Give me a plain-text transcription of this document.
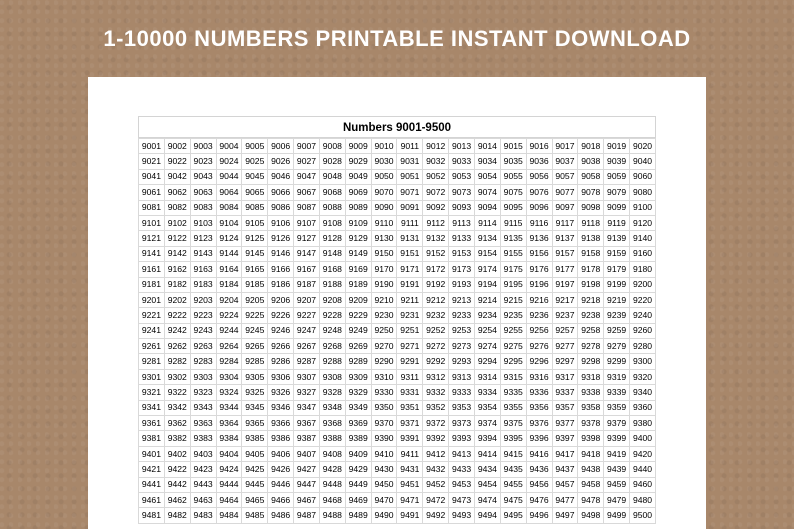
1-10000 NUMBERS PRINTABLE INSTANT DOWNLOAD
Numbers 9001-9500
9001	9002	9003	9004	9005	9006	9007	9008	9009	9010	9011	9012	9013	9014	9015	9016	9017	9018	9019	9020
9021	9022	9023	9024	9025	9026	9027	9028	9029	9030	9031	9032	9033	9034	9035	9036	9037	9038	9039	9040
9041	9042	9043	9044	9045	9046	9047	9048	9049	9050	9051	9052	9053	9054	9055	9056	9057	9058	9059	9060
9061	9062	9063	9064	9065	9066	9067	9068	9069	9070	9071	9072	9073	9074	9075	9076	9077	9078	9079	9080
9081	9082	9083	9084	9085	9086	9087	9088	9089	9090	9091	9092	9093	9094	9095	9096	9097	9098	9099	9100
9101	9102	9103	9104	9105	9106	9107	9108	9109	9110	9111	9112	9113	9114	9115	9116	9117	9118	9119	9120
9121	9122	9123	9124	9125	9126	9127	9128	9129	9130	9131	9132	9133	9134	9135	9136	9137	9138	9139	9140
9141	9142	9143	9144	9145	9146	9147	9148	9149	9150	9151	9152	9153	9154	9155	9156	9157	9158	9159	9160
9161	9162	9163	9164	9165	9166	9167	9168	9169	9170	9171	9172	9173	9174	9175	9176	9177	9178	9179	9180
9181	9182	9183	9184	9185	9186	9187	9188	9189	9190	9191	9192	9193	9194	9195	9196	9197	9198	9199	9200
9201	9202	9203	9204	9205	9206	9207	9208	9209	9210	9211	9212	9213	9214	9215	9216	9217	9218	9219	9220
9221	9222	9223	9224	9225	9226	9227	9228	9229	9230	9231	9232	9233	9234	9235	9236	9237	9238	9239	9240
9241	9242	9243	9244	9245	9246	9247	9248	9249	9250	9251	9252	9253	9254	9255	9256	9257	9258	9259	9260
9261	9262	9263	9264	9265	9266	9267	9268	9269	9270	9271	9272	9273	9274	9275	9276	9277	9278	9279	9280
9281	9282	9283	9284	9285	9286	9287	9288	9289	9290	9291	9292	9293	9294	9295	9296	9297	9298	9299	9300
9301	9302	9303	9304	9305	9306	9307	9308	9309	9310	9311	9312	9313	9314	9315	9316	9317	9318	9319	9320
9321	9322	9323	9324	9325	9326	9327	9328	9329	9330	9331	9332	9333	9334	9335	9336	9337	9338	9339	9340
9341	9342	9343	9344	9345	9346	9347	9348	9349	9350	9351	9352	9353	9354	9355	9356	9357	9358	9359	9360
9361	9362	9363	9364	9365	9366	9367	9368	9369	9370	9371	9372	9373	9374	9375	9376	9377	9378	9379	9380
9381	9382	9383	9384	9385	9386	9387	9388	9389	9390	9391	9392	9393	9394	9395	9396	9397	9398	9399	9400
9401	9402	9403	9404	9405	9406	9407	9408	9409	9410	9411	9412	9413	9414	9415	9416	9417	9418	9419	9420
9421	9422	9423	9424	9425	9426	9427	9428	9429	9430	9431	9432	9433	9434	9435	9436	9437	9438	9439	9440
9441	9442	9443	9444	9445	9446	9447	9448	9449	9450	9451	9452	9453	9454	9455	9456	9457	9458	9459	9460
9461	9462	9463	9464	9465	9466	9467	9468	9469	9470	9471	9472	9473	9474	9475	9476	9477	9478	9479	9480
9481	9482	9483	9484	9485	9486	9487	9488	9489	9490	9491	9492	9493	9494	9495	9496	9497	9498	9499	9500
